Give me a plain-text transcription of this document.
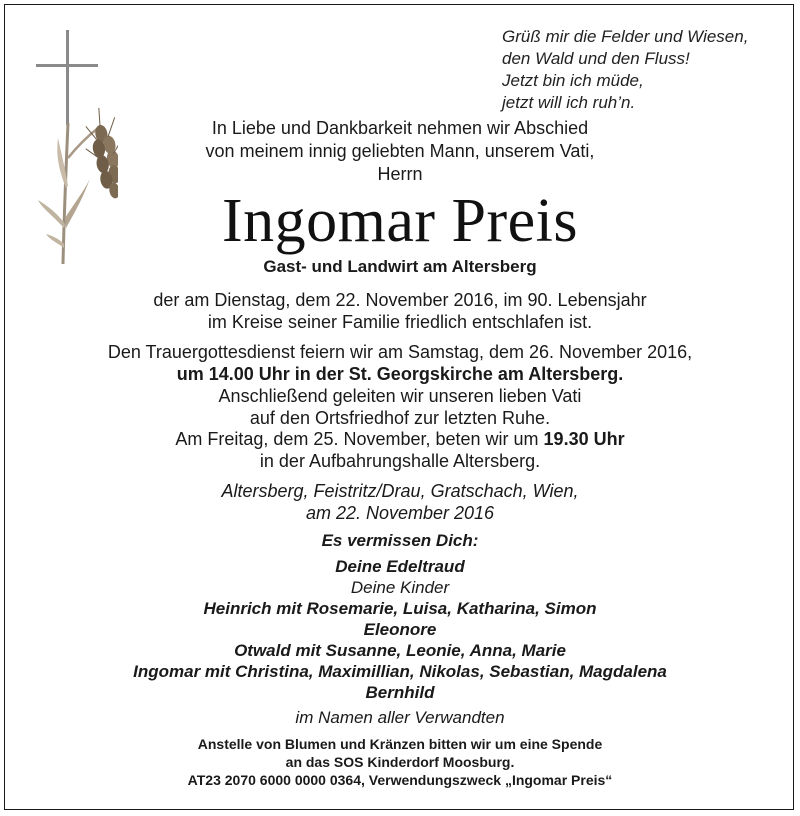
Grüß mir die Felder und Wiesen,
den Wald und den Fluss!
Jetzt bin ich müde,
jetzt will ich ruh’n.
In Liebe und Dankbarkeit nehmen wir Abschied
von meinem innig geliebten Mann, unserem Vati,
Herrn
Ingomar Preis
Gast- und Landwirt am Altersberg
der am Dienstag, dem 22. November 2016, im 90. Lebensjahr
im Kreise seiner Familie friedlich entschlafen ist.
Den Trauergottesdienst feiern wir am Samstag, dem 26. November 2016,
um 14.00 Uhr in der St. Georgskirche am Altersberg.
Anschließend geleiten wir unseren lieben Vati
auf den Ortsfriedhof zur letzten Ruhe.
Am Freitag, dem 25. November, beten wir um 19.30 Uhr
in der Aufbahrungshalle Altersberg.
Altersberg, Feistritz/Drau, Gratschach, Wien,
am 22. November 2016
Es vermissen Dich:
Deine Edeltraud
Deine Kinder
Heinrich mit Rosemarie, Luisa, Katharina, Simon
Eleonore
Otwald mit Susanne, Leonie, Anna, Marie
Ingomar mit Christina, Maximillian, Nikolas, Sebastian, Magdalena
Bernhild
im Namen aller Verwandten
Anstelle von Blumen und Kränzen bitten wir um eine Spende
an das SOS Kinderdorf Moosburg.
AT23 2070 6000 0000 0364, Verwendungszweck „Ingomar Preis“
